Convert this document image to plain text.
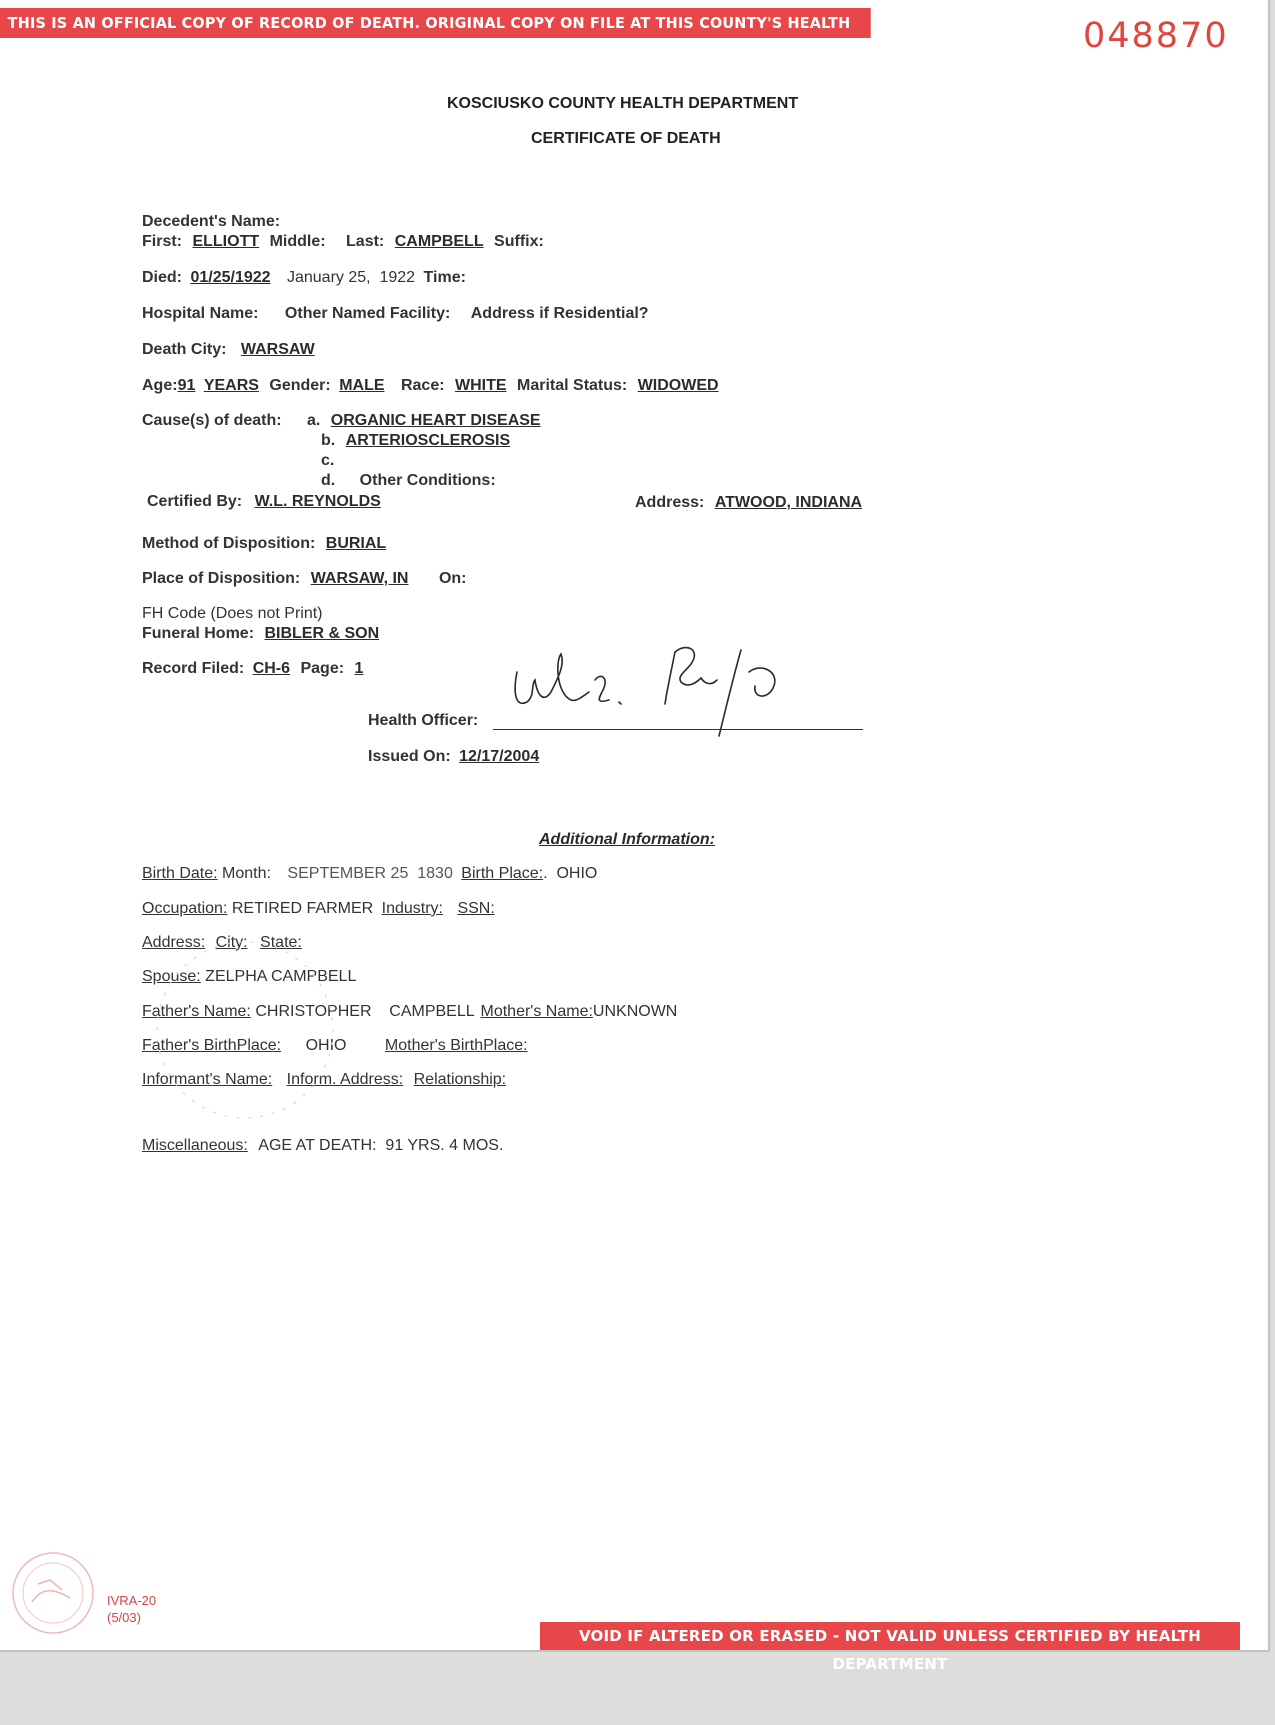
THIS IS AN OFFICIAL COPY OF RECORD OF DEATH. ORIGINAL COPY ON FILE AT THIS COUNTY'S HEALTH DEPARTMENT	048870
KOSCIUSKO COUNTY HEALTH DEPARTMENT
CERTIFICATE OF DEATH
Decedent's Name:
First: ELLIOTT Middle: Last: CAMPBELL Suffix:
Died: 01/25/1922 January 25,  1922 Time:
Hospital Name: Other Named Facility: Address if Residential?
Death City: WARSAW
Age:91 YEARS Gender: MALE Race: WHITE Marital Status: WIDOWED
Cause(s) of death: a. ORGANIC HEART DISEASE
b. ARTERIOSCLEROSIS
c.
d. Other Conditions:
Certified By: W.L. REYNOLDS	Address: ATWOOD, INDIANA
Method of Disposition: BURIAL
Place of Disposition: WARSAW, IN On:
FH Code (Does not Print)
Funeral Home: BIBLER & SON
Record Filed: CH-6 Page: 1
Health Officer:
Issued On: 12/17/2004
Additional Information:
Birth Date: Month: SEPTEMBER 25  1830 Birth Place:.  OHIO
Occupation: RETIRED FARMER Industry: SSN:
Address: City: State:
Spouse: ZELPHA CAMPBELL
Father's Name: CHRISTOPHER    CAMPBELL Mother's Name:UNKNOWN
Father's BirthPlace: OHIO Mother's BirthPlace:
Informant's Name: Inform. Address: Relationship:
Miscellaneous: AGE AT DEATH:  91 YRS. 4 MOS.
IVRA-20
(5/03)
VOID IF ALTERED OR ERASED - NOT VALID UNLESS CERTIFIED BY HEALTH DEPARTMENT
